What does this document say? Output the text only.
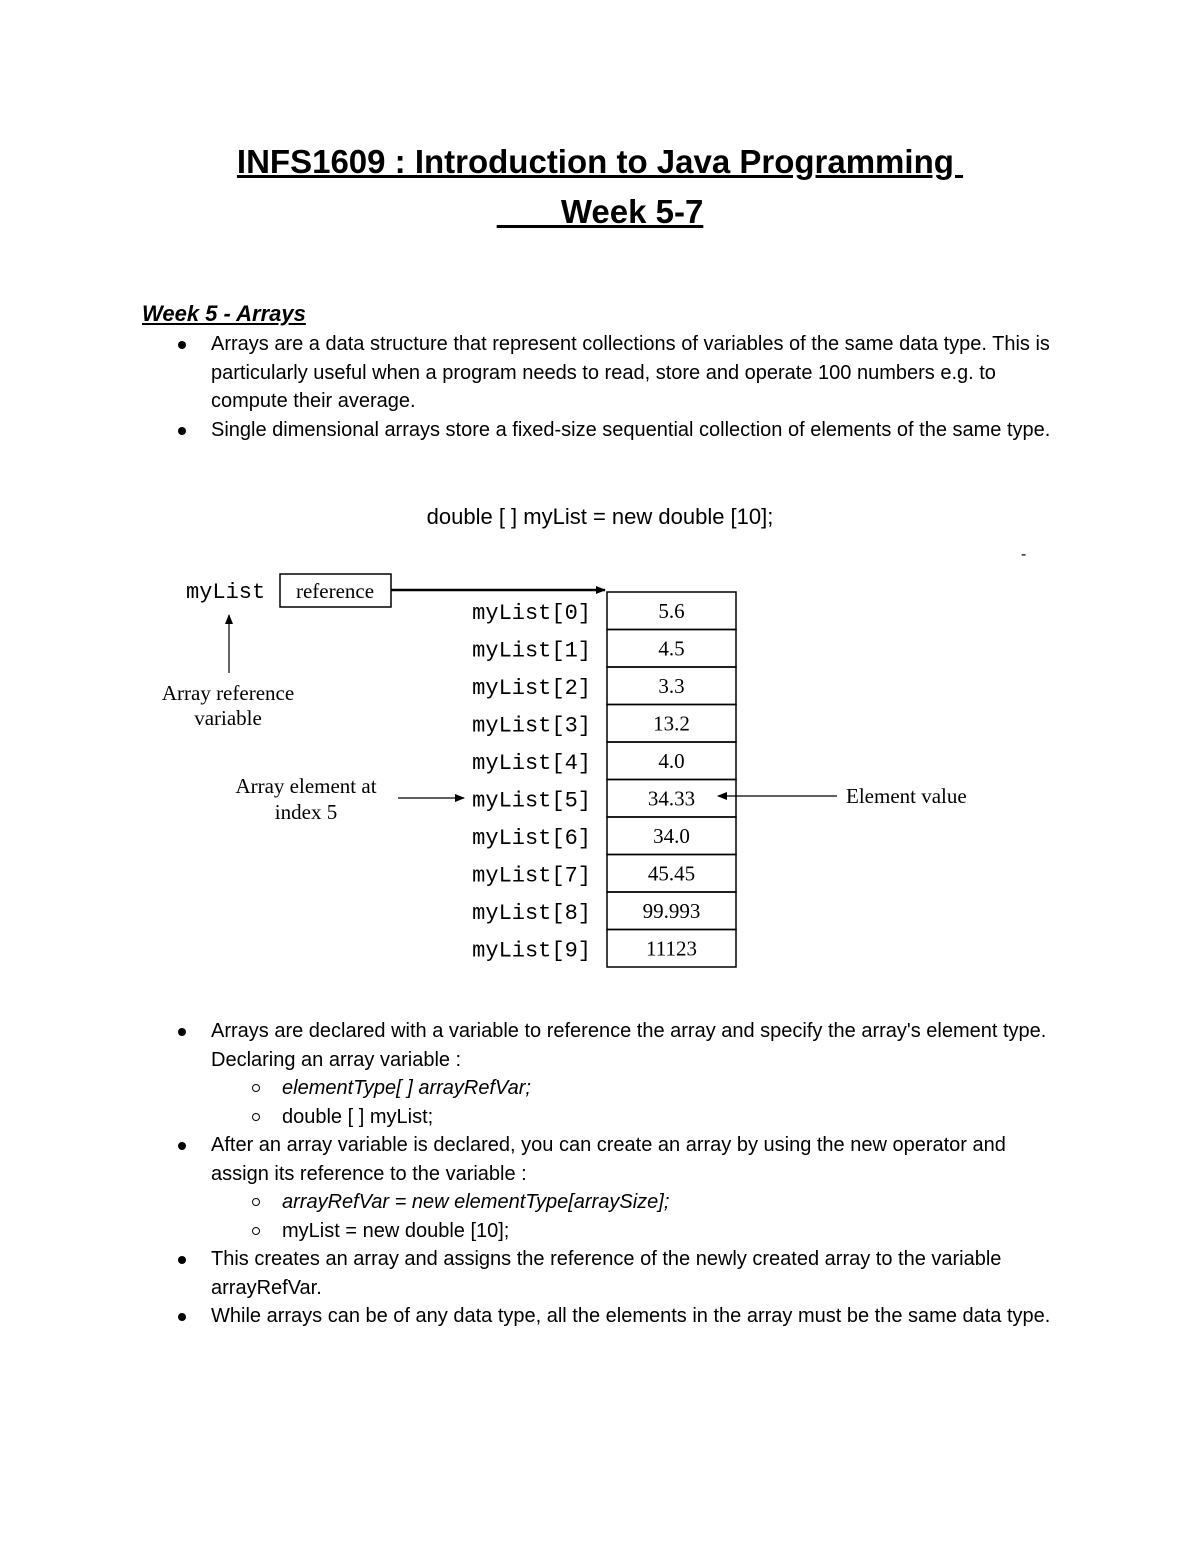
INFS1609 : Introduction to Java Programming
Week 5-7
Week 5 - Arrays
Arrays are a data structure that represent collections of variables of the same data type. This is particularly useful when a program needs to read, store and operate 100 numbers e.g. to compute their average.
Single dimensional arrays store a fixed-size sequential collection of elements of the same type.
double [ ] myList = new double [10];
-
myList reference
Array reference
variable
Array element at
index 5
Element value
myList[0]	5.6
myList[1]	4.5
myList[2]	3.3
myList[3]	13.2
myList[4]	4.0
myList[5]	34.33
myList[6]	34.0
myList[7]	45.45
myList[8] 99.993
myList[9]	11123
Arrays are declared with a variable to reference the array and specify the array's element type. Declaring an array variable :
elementType[ ] arrayRefVar;
double [ ] myList;
After an array variable is declared, you can create an array by using the new operator and assign its reference to the variable :
arrayRefVar = new elementType[arraySize];
myList = new double [10];
This creates an array and assigns the reference of the newly created array to the variable arrayRefVar.
While arrays can be of any data type, all the elements in the array must be the same data type.
